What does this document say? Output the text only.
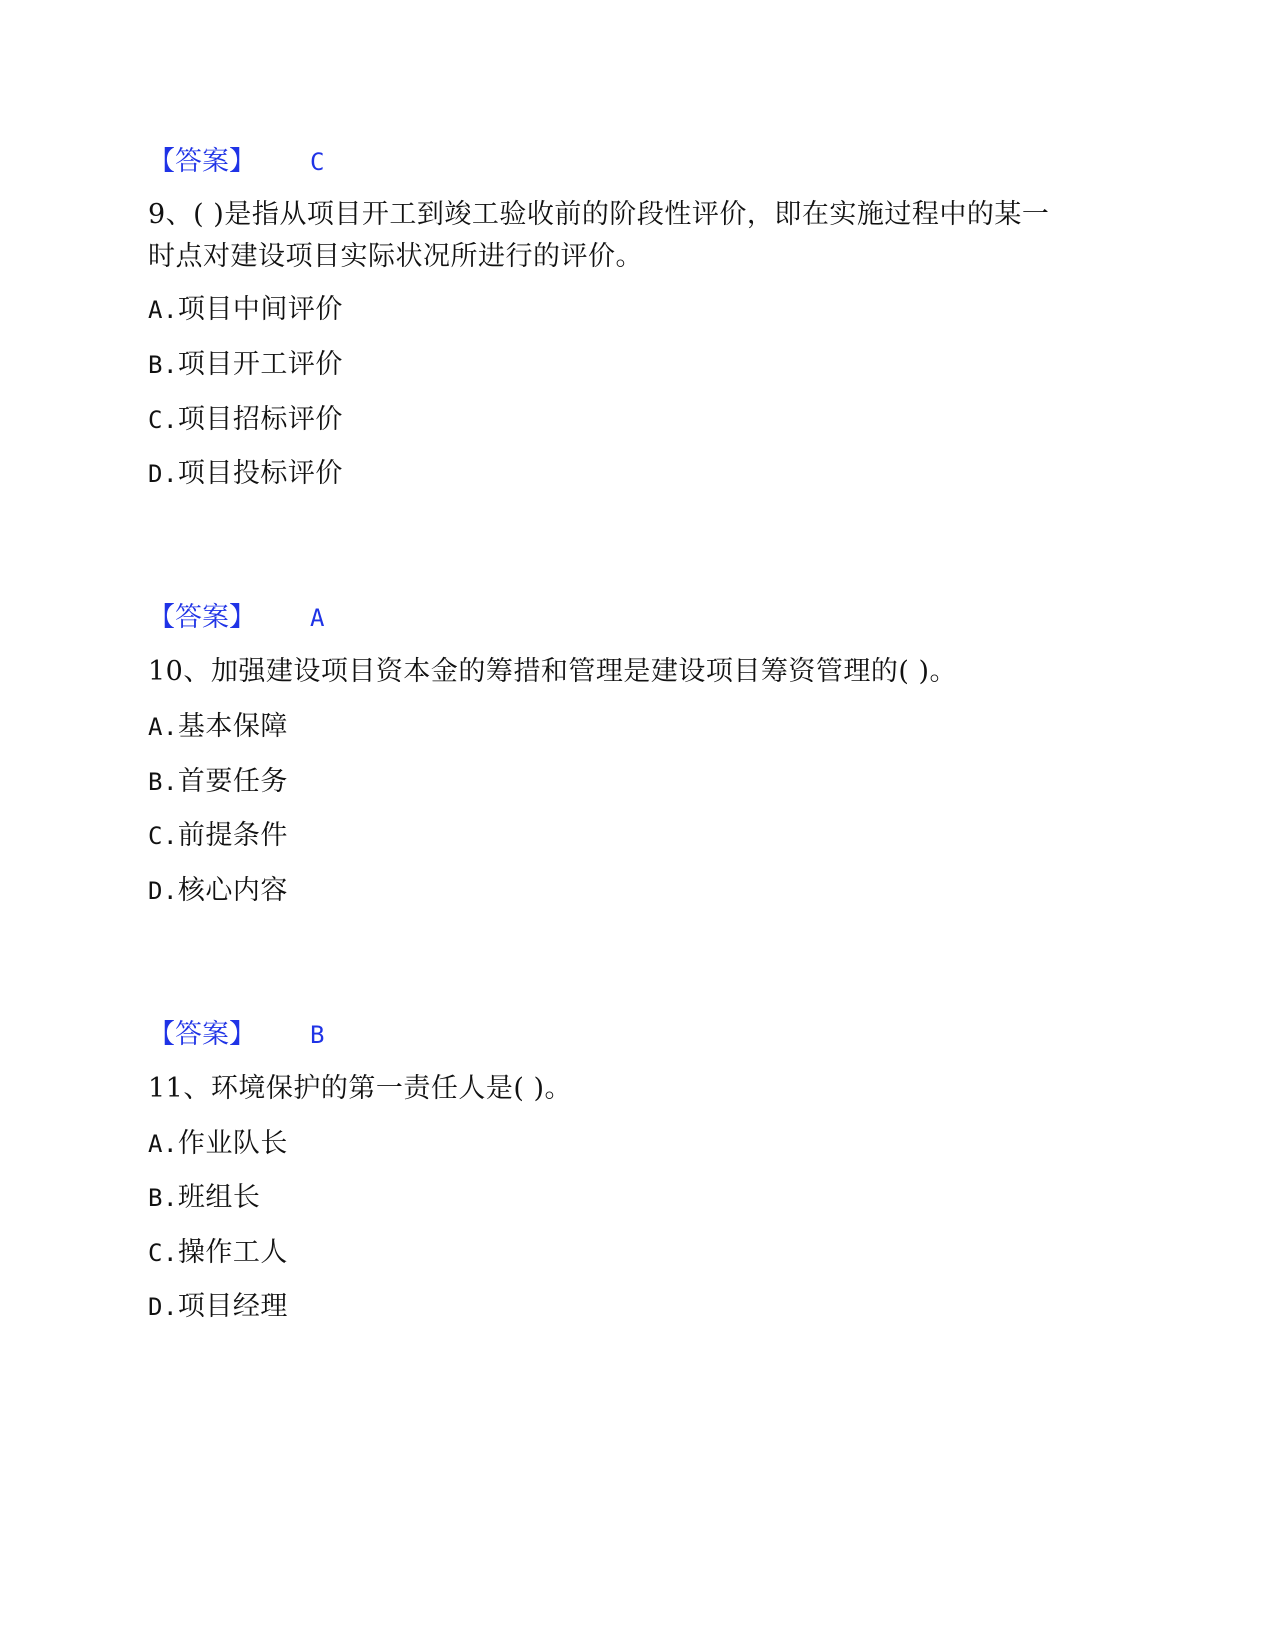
【答案】 C
9、( )是指从项目开工到竣工验收前的阶段性评价，即在实施过程中的某一
时点对建设项目实际状况所进行的评价。
A.项目中间评价
B.项目开工评价
C.项目招标评价
D.项目投标评价
【答案】 A
10、加强建设项目资本金的筹措和管理是建设项目筹资管理的( )。
A.基本保障
B.首要任务
C.前提条件
D.核心内容
【答案】 B
11、环境保护的第一责任人是( )。
A.作业队长
B.班组长
C.操作工人
D.项目经理
